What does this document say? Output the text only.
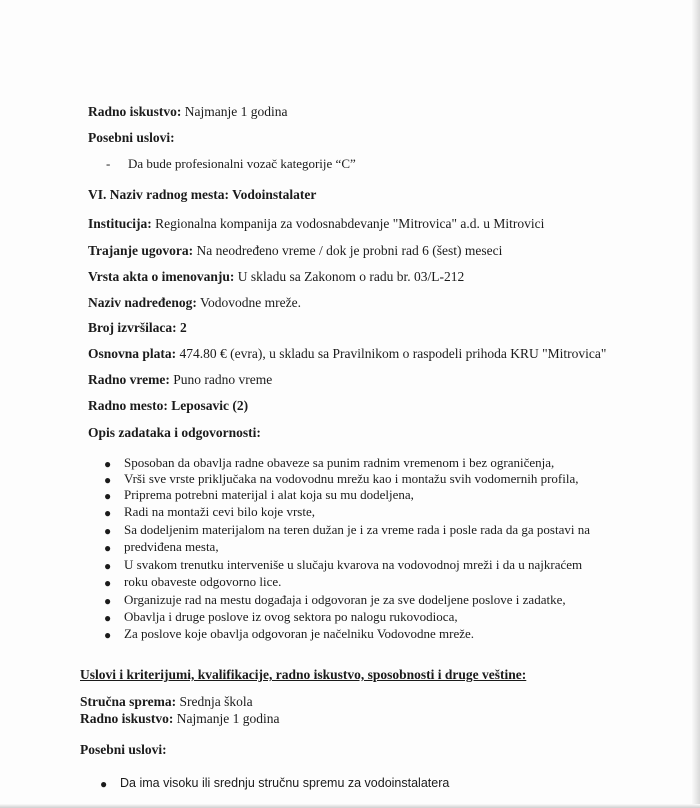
Radno iskustvo: Najmanje 1 godina
Posebni uslovi:
- Da bude profesionalni vozač kategorije “C”
VI. Naziv radnog mesta: Vodoinstalater
Institucija: Regionalna kompanija za vodosnabdevanje "Mitrovica" a.d. u Mitrovici
Trajanje ugovora: Na neodređeno vreme / dok je probni rad 6 (šest) meseci
Vrsta akta o imenovanju: U skladu sa Zakonom o radu br. 03/L-212
Naziv nadređenog: Vodovodne mreže.
Broj izvršilaca: 2
Osnovna plata: 474.80 € (evra), u skladu sa Pravilnikom o raspodeli prihoda KRU "Mitrovica"
Radno vreme: Puno radno vreme
Radno mesto: Leposavic (2)
Opis zadataka i odgovornosti:
● Sposoban da obavlja radne obaveze sa punim radnim vremenom i bez ograničenja,
● Vrši sve vrste priključaka na vodovodnu mrežu kao i montažu svih vodomernih profila,
● Priprema potrebni materijal i alat koja su mu dodeljena,
● Radi na montaži cevi bilo koje vrste,
● Sa dodeljenim materijalom na teren dužan je i za vreme rada i posle rada da ga postavi na
● predviđena mesta,
● U svakom trenutku interveniše u slučaju kvarova na vodovodnoj mreži i da u najkraćem
● roku obaveste odgovorno lice.
● Organizuje rad na mestu događaja i odgovoran je za sve dodeljene poslove i zadatke,
● Obavlja i druge poslove iz ovog sektora po nalogu rukovodioca,
● Za poslove koje obavlja odgovoran je načelniku Vodovodne mreže.
Uslovi i kriterijumi, kvalifikacije, radno iskustvo, sposobnosti i druge veštine:
Stručna sprema: Srednja škola
Radno iskustvo: Najmanje 1 godina
Posebni uslovi:
● Da ima visoku ili srednju stručnu spremu za vodoinstalatera
